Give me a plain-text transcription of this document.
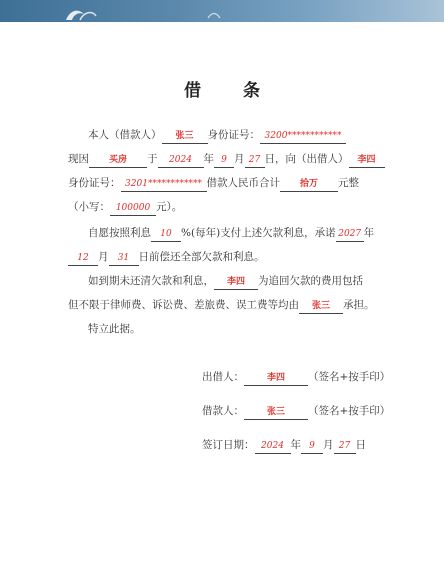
借 条
本人（借款人） 张三 身份证号： 3200************
现因 买房 于 2024 年 9 月 27 日，向（出借人） 李四
身份证号： 3201************ 借款人民币合计 拾万 元整
（小写： 100000 元）。
自愿按照利息 10 %(每年)支付上述欠款利息，承诺 2027 年
12 月 31 日前偿还全部欠款和利息。
如到期未还清欠款和利息， 李四 为追回欠款的费用包括
但不限于律师费、诉讼费、差旅费、误工费等均由 张三 承担。
特立此据。
出借人：	李四 （签名+按手印）
借款人：	张三 （签名+按手印）
签订日期： 2024 年 9 月 27 日
